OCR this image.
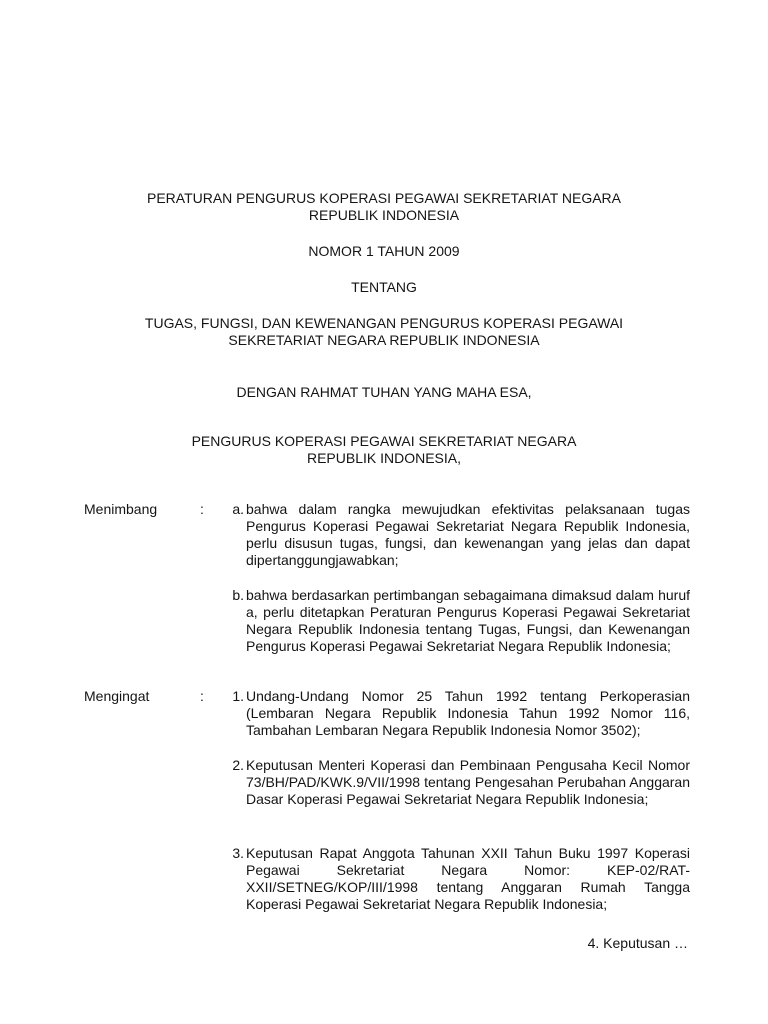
PERATURAN PENGURUS KOPERASI PEGAWAI SEKRETARIAT NEGARA
REPUBLIK INDONESIA
NOMOR 1 TAHUN 2009
TENTANG
TUGAS, FUNGSI, DAN KEWENANGAN PENGURUS KOPERASI PEGAWAI
SEKRETARIAT NEGARA REPUBLIK INDONESIA
DENGAN RAHMAT TUHAN YANG MAHA ESA,
PENGURUS KOPERASI PEGAWAI SEKRETARIAT NEGARA
REPUBLIK INDONESIA,
Menimbang	:	a. bahwa dalam rangka mewujudkan efektivitas pelaksanaan tugas Pengurus Koperasi Pegawai Sekretariat Negara Republik Indonesia, perlu disusun tugas, fungsi, dan kewenangan yang jelas dan dapat dipertanggungjawabkan;
b. bahwa berdasarkan pertimbangan sebagaimana dimaksud dalam huruf a, perlu ditetapkan Peraturan Pengurus Koperasi Pegawai Sekretariat Negara Republik Indonesia tentang Tugas, Fungsi, dan Kewenangan Pengurus Koperasi Pegawai Sekretariat Negara Republik Indonesia;
Mengingat	:	1. Undang-Undang Nomor 25 Tahun 1992 tentang Perkoperasian (Lembaran Negara Republik Indonesia Tahun 1992 Nomor 116, Tambahan Lembaran Negara Republik Indonesia Nomor 3502);
2. Keputusan Menteri Koperasi dan Pembinaan Pengusaha Kecil Nomor 73/BH/PAD/KWK.9/VII/1998 tentang Pengesahan Perubahan Anggaran Dasar Koperasi Pegawai Sekretariat Negara Republik Indonesia;
3. Keputusan Rapat Anggota Tahunan XXII Tahun Buku 1997 Koperasi Pegawai Sekretariat Negara Nomor: KEP-02/RAT-XXII/SETNEG/KOP/III/1998 tentang Anggaran Rumah Tangga Koperasi Pegawai Sekretariat Negara Republik Indonesia;
4. Keputusan …
